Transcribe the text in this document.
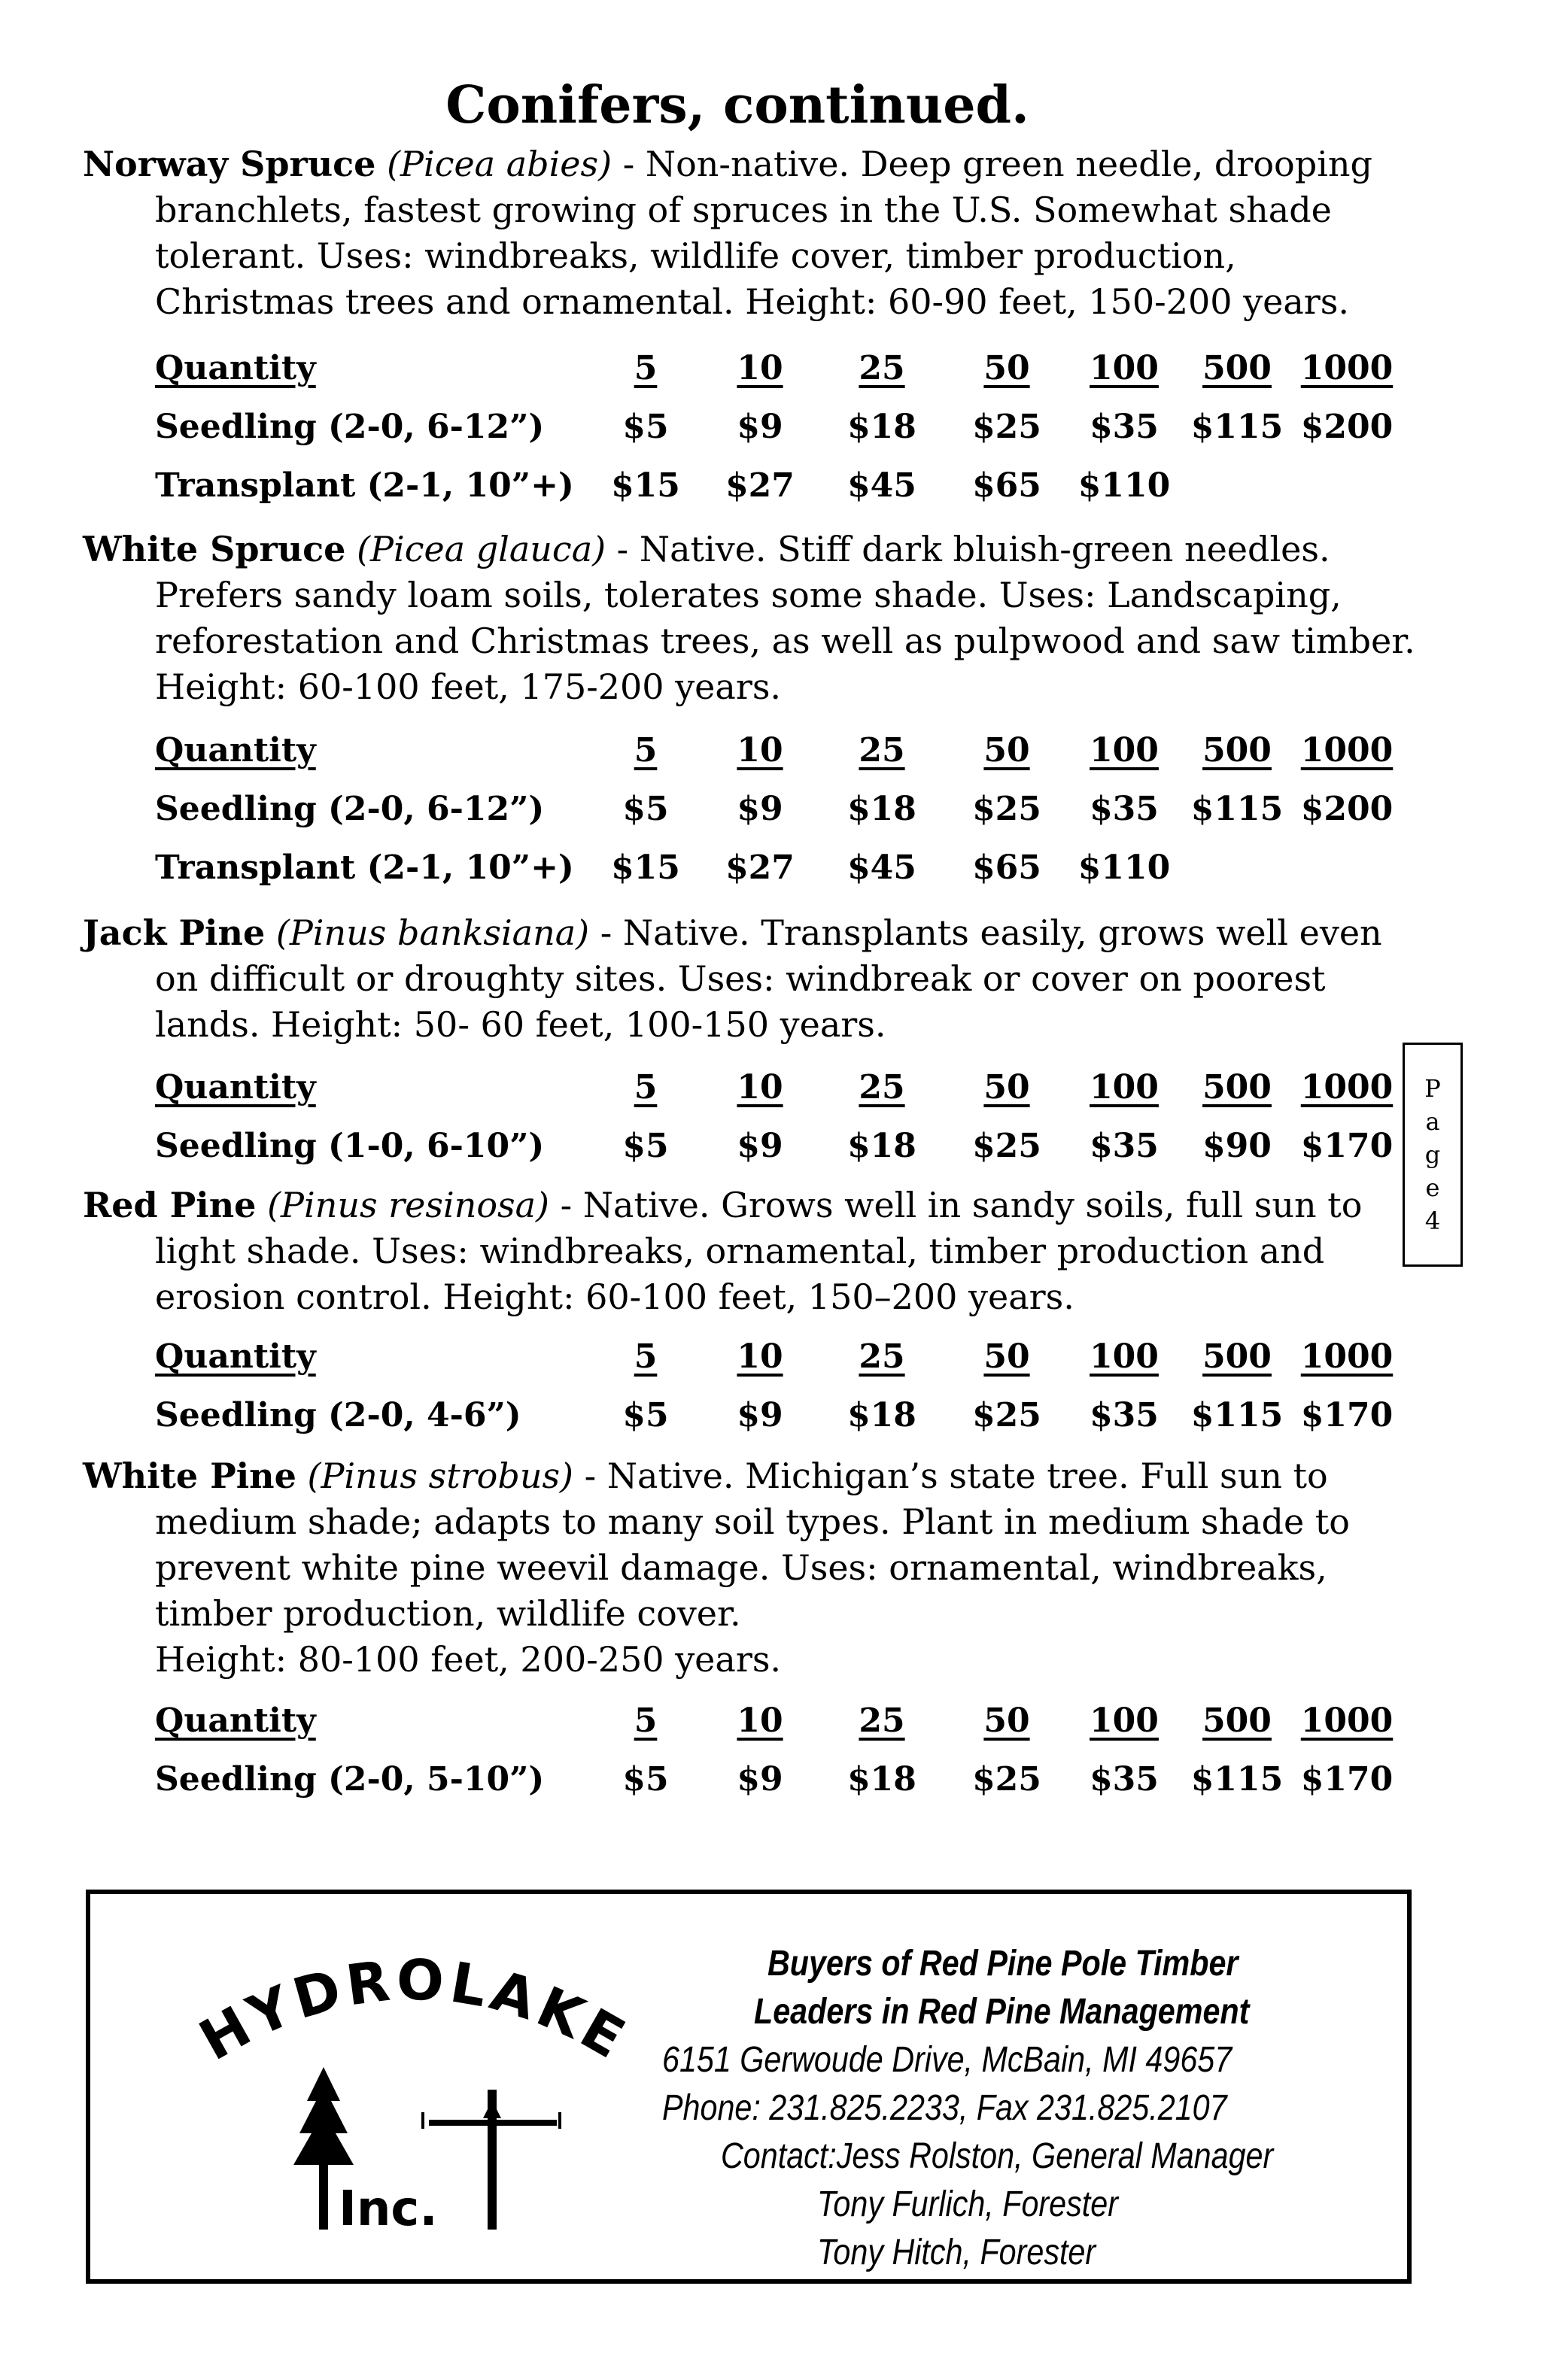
Conifers, continued.

Norway Spruce (Picea abies) - Non-native. Deep green needle, drooping branchlets, fastest growing of spruces in the U.S. Somewhat shade tolerant. Uses: windbreaks, wildlife cover, timber production, Christmas trees and ornamental. Height: 60-90 feet, 150-200 years.

Quantity	5 10 25 50 100 500 1000
Seedling (2-0, 6-12”) $5 $9 $18 $25 $35 $115 $200
Transplant (2-1, 10”+) $15 $27 $45 $65 $110

White Spruce (Picea glauca) - Native. Stiff dark bluish-green needles. Prefers sandy loam soils, tolerates some shade. Uses: Landscaping, reforestation and Christmas trees, as well as pulpwood and saw timber. Height: 60-100 feet, 175-200 years.

Quantity	5 10 25 50 100 500 1000
Seedling (2-0, 6-12”) $5 $9 $18 $25 $35 $115 $200
Transplant (2-1, 10”+) $15 $27 $45 $65 $110

Jack Pine (Pinus banksiana) - Native. Transplants easily, grows well even on difficult or droughty sites. Uses: windbreak or cover on poorest lands. Height: 50- 60 feet, 100-150 years.

Quantity	5 10 25 50 100 500 1000
Seedling (1-0, 6-10”) $5 $9 $18 $25 $35 $90 $170

Red Pine (Pinus resinosa) - Native. Grows well in sandy soils, full sun to light shade. Uses: windbreaks, ornamental, timber production and erosion control. Height: 60-100 feet, 150–200 years.

Quantity	5 10 25 50 100 500 1000
Seedling (2-0, 4-6”)	$5 $9 $18 $25 $35 $115 $170

White Pine (Pinus strobus) - Native. Michigan’s state tree. Full sun to medium shade; adapts to many soil types. Plant in medium shade to prevent white pine weevil damage. Uses: ornamental, windbreaks, timber production, wildlife cover.

Height: 80-100 feet, 200-250 years.

Quantity	5 10 25 50 100 500 1000
Seedling (2-0, 5-10”) $5 $9 $18 $25 $35 $115 $170
P
a
g
e
4
HYDROLAKE
Inc.
Buyers of Red Pine Pole Timber
Leaders in Red Pine Management
6151 Gerwoude Drive, McBain, MI 49657
Phone: 231.825.2233, Fax 231.825.2107
Contact:Jess Rolston, General Manager
Tony Furlich, Forester
Tony Hitch, Forester
